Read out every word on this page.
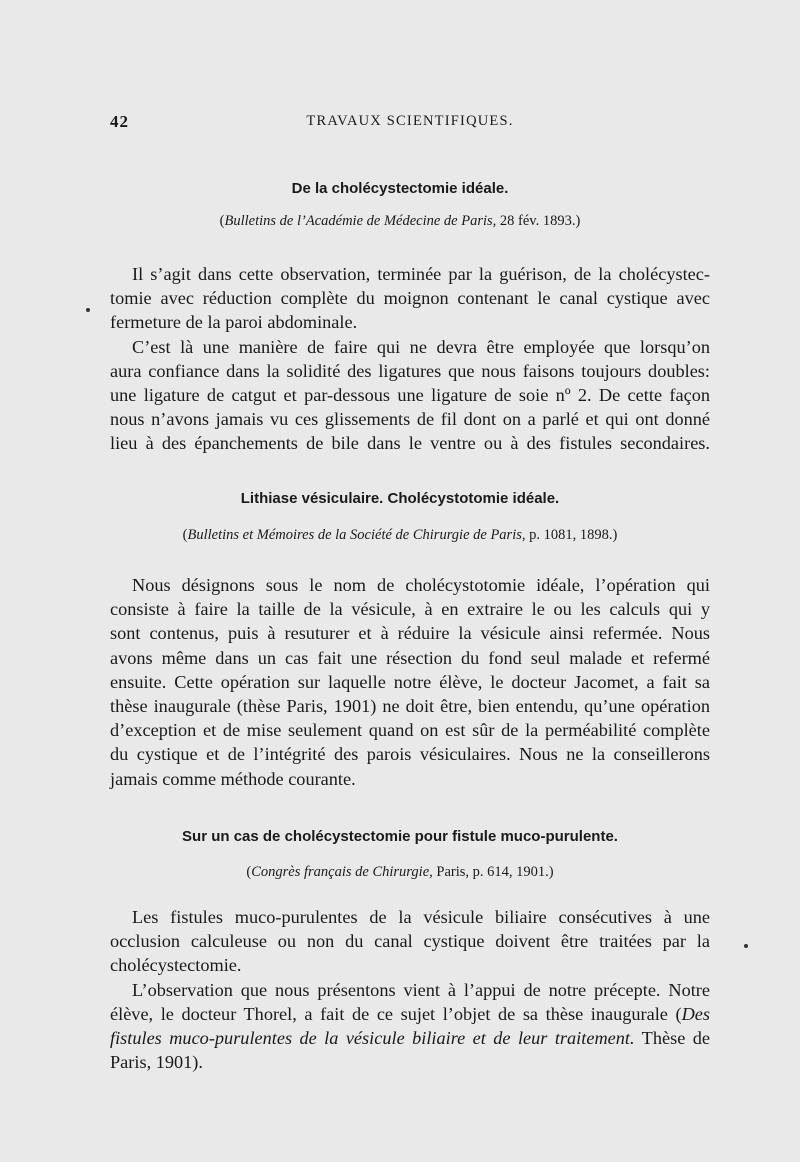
42	TRAVAUX SCIENTIFIQUES.
De la cholécystectomie idéale.
(Bulletins de l’Académie de Médecine de Paris, 28 fév. 1893.)
Il s’agit dans cette observation, terminée par la guérison, de la cholécystec-
tomie avec réduction complète du moignon contenant le canal cystique avec
fermeture de la paroi abdominale.
C’est là une manière de faire qui ne devra être employée que lorsqu’on
aura confiance dans la solidité des ligatures que nous faisons toujours doubles:
une ligature de catgut et par-dessous une ligature de soie nº 2. De cette façon
nous n’avons jamais vu ces glissements de fil dont on a parlé et qui ont donné
lieu à des épanchements de bile dans le ventre ou à des fistules secondaires.
Lithiase vésiculaire. Cholécystotomie idéale.
(Bulletins et Mémoires de la Société de Chirurgie de Paris, p. 1081, 1898.)
Nous désignons sous le nom de cholécystotomie idéale, l’opération qui
consiste à faire la taille de la vésicule, à en extraire le ou les calculs qui y
sont contenus, puis à resuturer et à réduire la vésicule ainsi refermée. Nous
avons même dans un cas fait une résection du fond seul malade et refermé
ensuite. Cette opération sur laquelle notre élève, le docteur Jacomet, a fait sa
thèse inaugurale (thèse Paris, 1901) ne doit être, bien entendu, qu’une opération
d’exception et de mise seulement quand on est sûr de la perméabilité complète
du cystique et de l’intégrité des parois vésiculaires. Nous ne la conseillerons
jamais comme méthode courante.
Sur un cas de cholécystectomie pour fistule muco-purulente.
(Congrès français de Chirurgie, Paris, p. 614, 1901.)
Les fistules muco-purulentes de la vésicule biliaire consécutives à une
occlusion calculeuse ou non du canal cystique doivent être traitées par la
cholécystectomie.
L’observation que nous présentons vient à l’appui de notre précepte. Notre
élève, le docteur Thorel, a fait de ce sujet l’objet de sa thèse inaugurale (Des
fistules muco-purulentes de la vésicule biliaire et de leur traitement. Thèse de
Paris, 1901).
